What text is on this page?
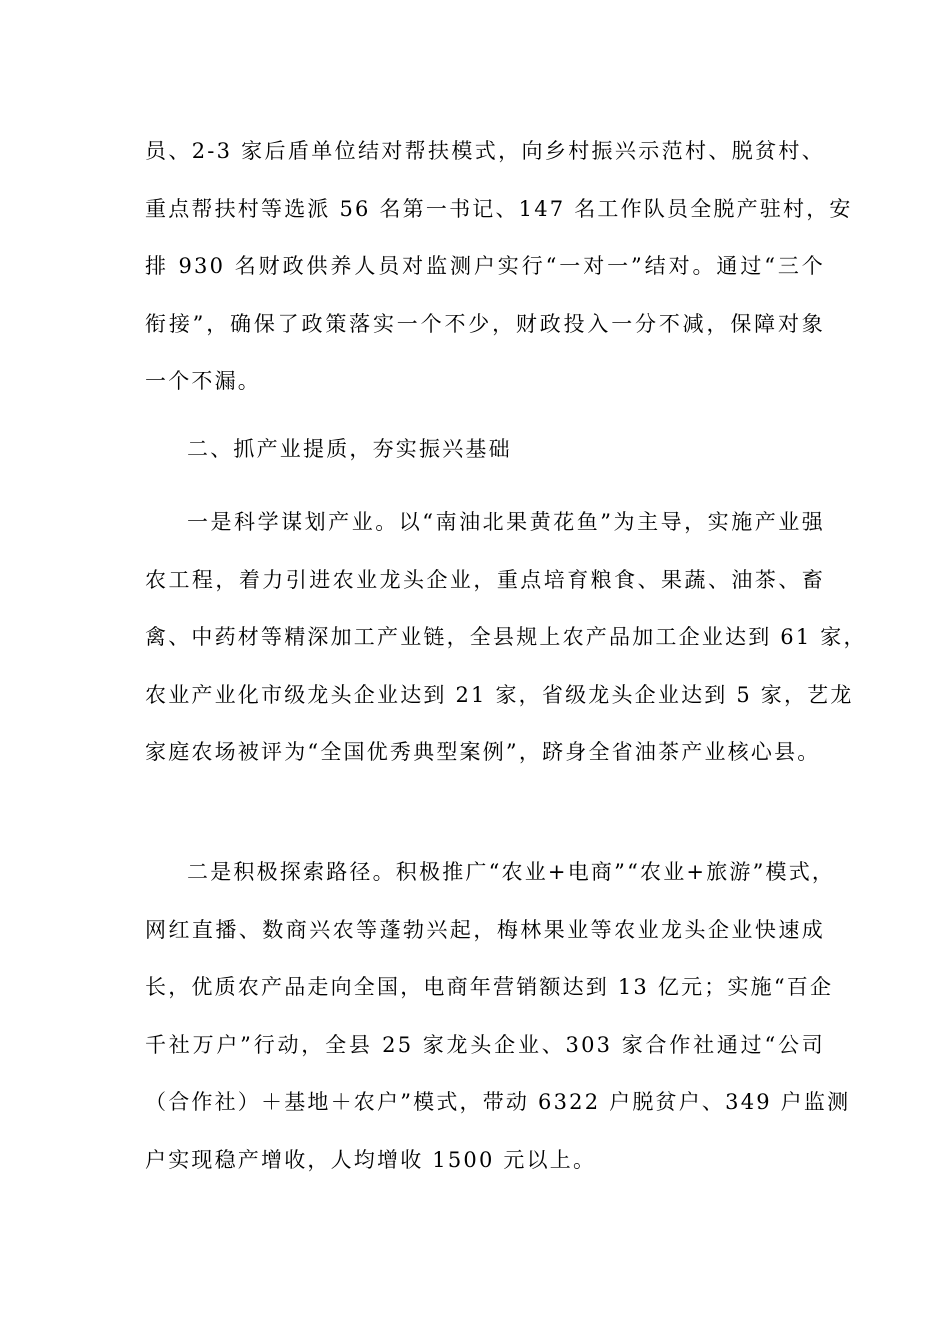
员、2-3 家后盾单位结对帮扶模式，向乡村振兴示范村、脱贫村、
重点帮扶村等选派 56 名第一书记、147 名工作队员全脱产驻村，安
排 930 名财政供养人员对监测户实行“一对一”结对。通过“三个
衔接”，确保了政策落实一个不少，财政投入一分不减，保障对象
一个不漏。
二、抓产业提质，夯实振兴基础
一是科学谋划产业。以“南油北果黄花鱼”为主导，实施产业强
农工程，着力引进农业龙头企业，重点培育粮食、果蔬、油茶、畜
禽、中药材等精深加工产业链，全县规上农产品加工企业达到 61 家，
农业产业化市级龙头企业达到 21 家，省级龙头企业达到 5 家，艺龙
家庭农场被评为“全国优秀典型案例”，跻身全省油茶产业核心县。
二是积极探索路径。积极推广“农业+电商”“农业+旅游”模式，
网红直播、数商兴农等蓬勃兴起，梅林果业等农业龙头企业快速成
长，优质农产品走向全国，电商年营销额达到 13 亿元；实施“百企
千社万户”行动，全县 25 家龙头企业、303 家合作社通过“公司
（合作社）＋基地＋农户”模式，带动 6322 户脱贫户、349 户监测
户实现稳产增收，人均增收 1500 元以上。
